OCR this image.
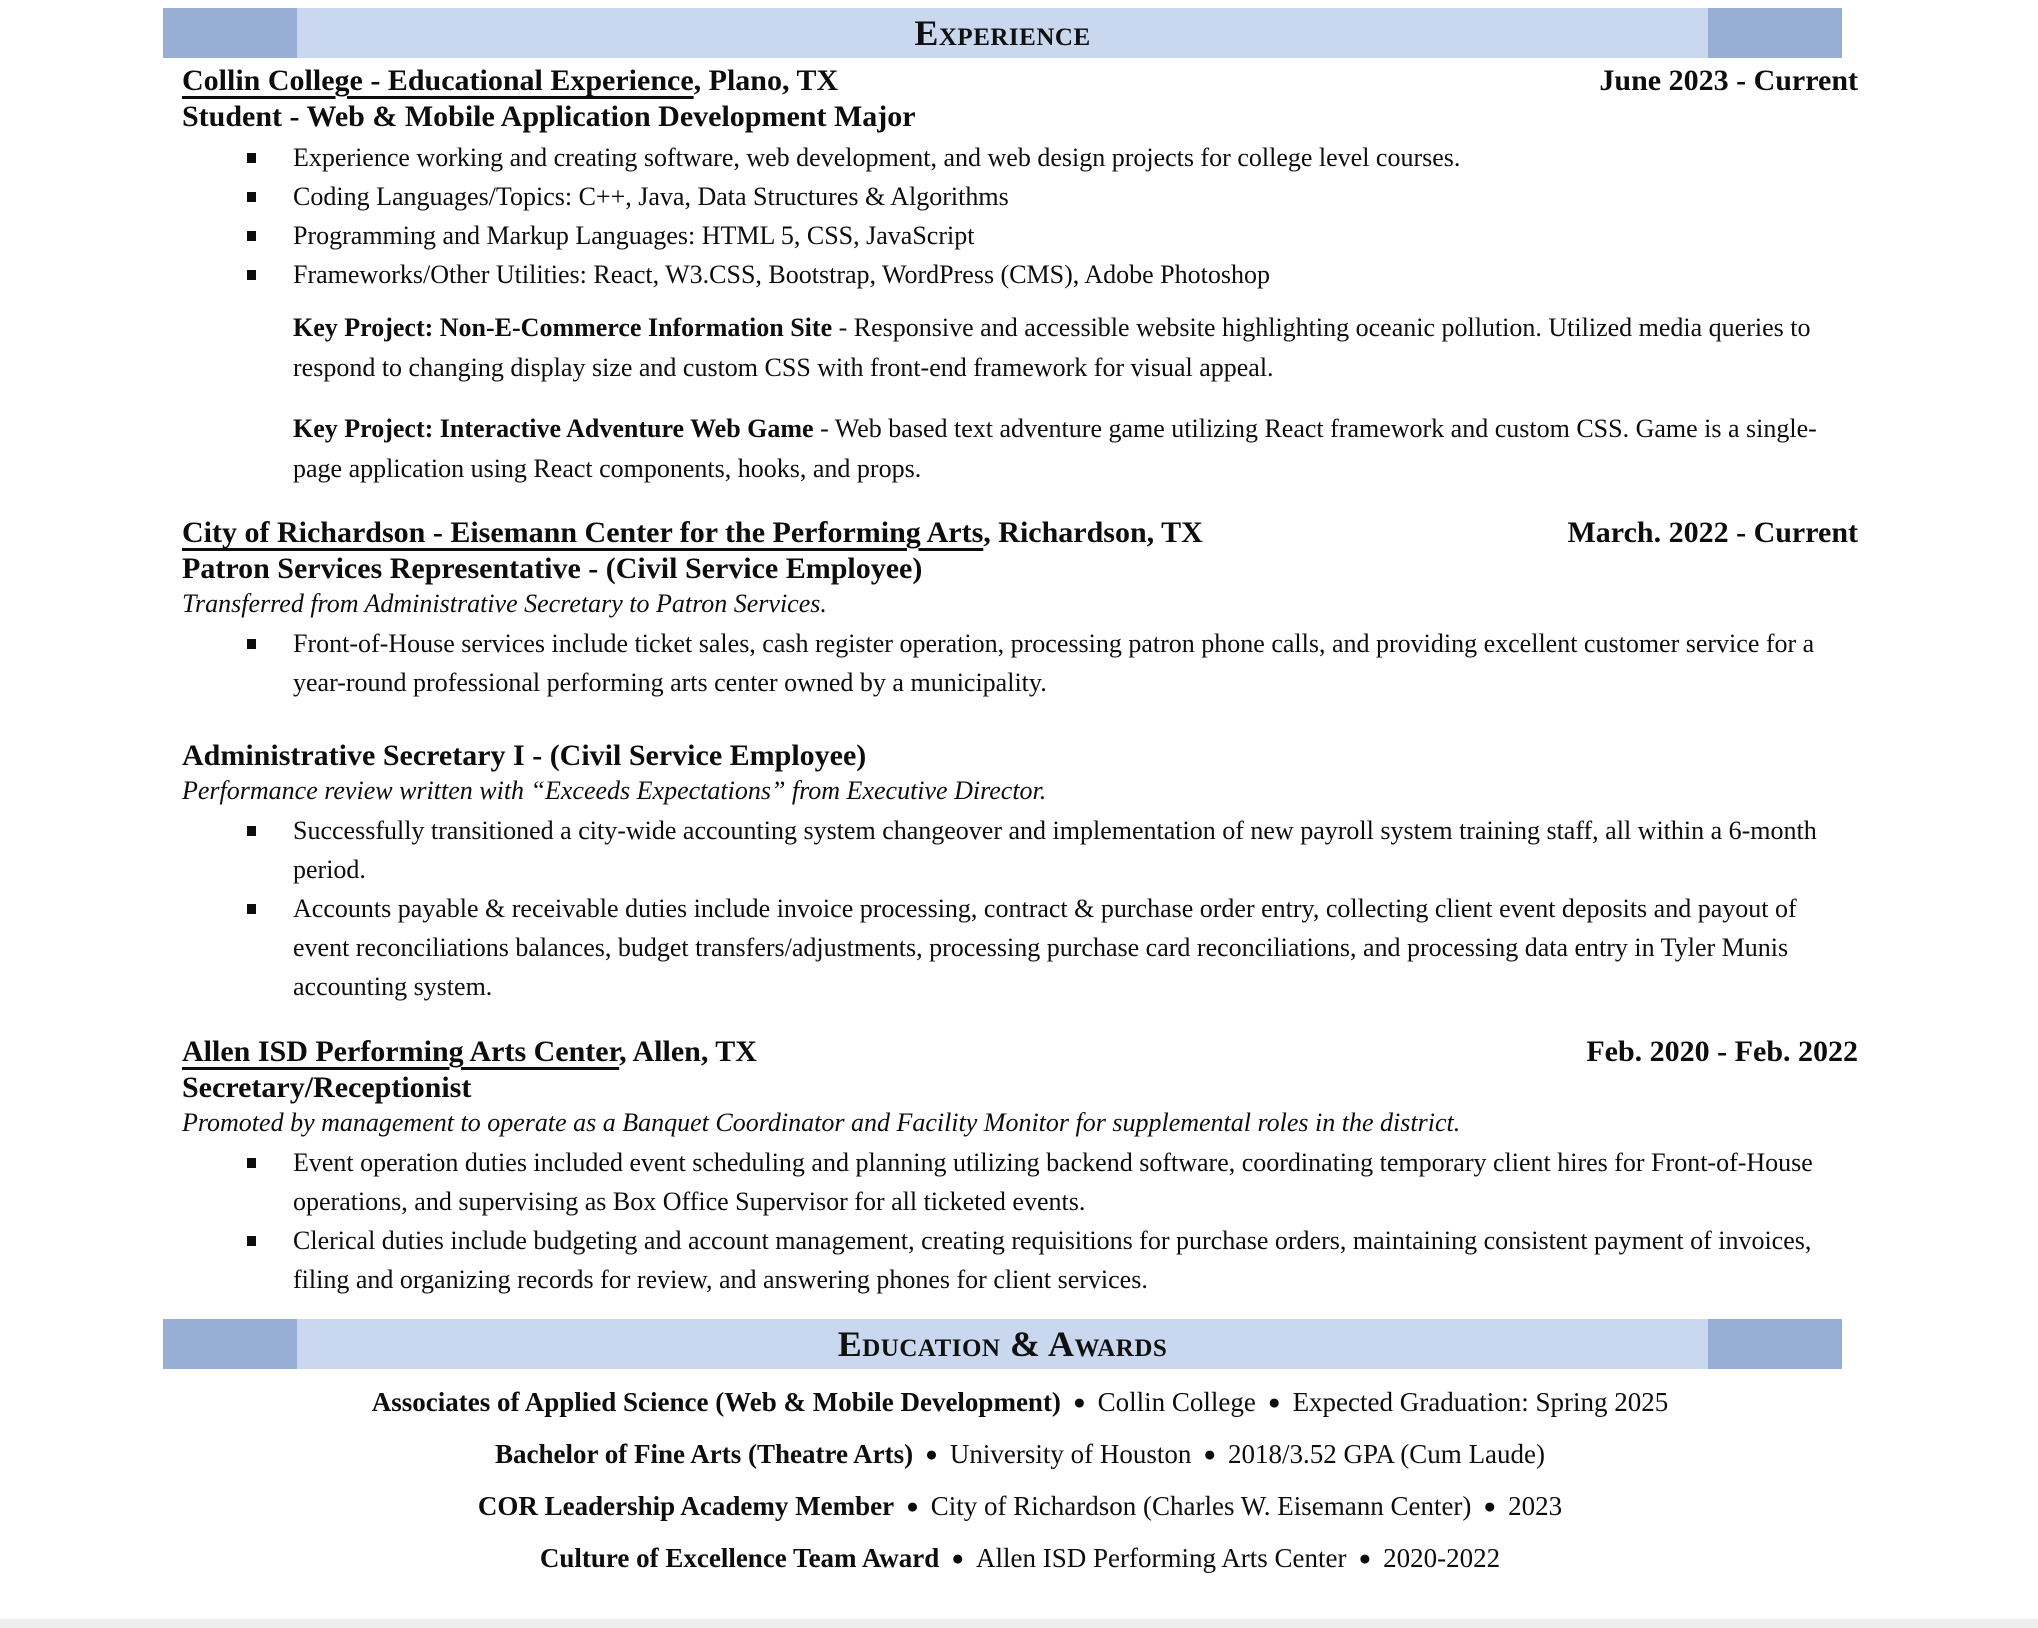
Experience
Collin College - Educational Experience, Plano, TX	June 2023 - Current
Student - Web & Mobile Application Development Major
Experience working and creating software, web development, and web design projects for college level courses.
Coding Languages/Topics: C++, Java, Data Structures & Algorithms
Programming and Markup Languages: HTML 5, CSS, JavaScript
Frameworks/Other Utilities: React, W3.CSS, Bootstrap, WordPress (CMS), Adobe Photoshop

Key Project: Non-E-Commerce Information Site - Responsive and accessible website highlighting oceanic pollution. Utilized media queries to respond to changing display size and custom CSS with front-end framework for visual appeal.

Key Project: Interactive Adventure Web Game - Web based text adventure game utilizing React framework and custom CSS. Game is a single-page application using React components, hooks, and props.

City of Richardson - Eisemann Center for the Performing Arts, Richardson, TX	March. 2022 - Current
Patron Services Representative - (Civil Service Employee)
Transferred from Administrative Secretary to Patron Services.
Front-of-House services include ticket sales, cash register operation, processing patron phone calls, and providing excellent customer service for a year-round professional performing arts center owned by a municipality.
Administrative Secretary I - (Civil Service Employee)
Performance review written with “Exceeds Expectations” from Executive Director.
Successfully transitioned a city-wide accounting system changeover and implementation of new payroll system training staff, all within a 6-month period.
Accounts payable & receivable duties include invoice processing, contract & purchase order entry, collecting client event deposits and payout of event reconciliations balances, budget transfers/adjustments, processing purchase card reconciliations, and processing data entry in Tyler Munis accounting system.
Allen ISD Performing Arts Center, Allen, TX	Feb. 2020 - Feb. 2022
Secretary/Receptionist
Promoted by management to operate as a Banquet Coordinator and Facility Monitor for supplemental roles in the district.
Event operation duties included event scheduling and planning utilizing backend software, coordinating temporary client hires for Front-of-House operations, and supervising as Box Office Supervisor for all ticketed events.
Clerical duties include budgeting and account management, creating requisitions for purchase orders, maintaining consistent payment of invoices, filing and organizing records for review, and answering phones for client services.
Education & Awards
Associates of Applied Science (Web & Mobile Development) ● Collin College ● Expected Graduation: Spring 2025
Bachelor of Fine Arts (Theatre Arts) ● University of Houston ● 2018/3.52 GPA (Cum Laude)
COR Leadership Academy Member ● City of Richardson (Charles W. Eisemann Center) ● 2023
Culture of Excellence Team Award ● Allen ISD Performing Arts Center ● 2020-2022
